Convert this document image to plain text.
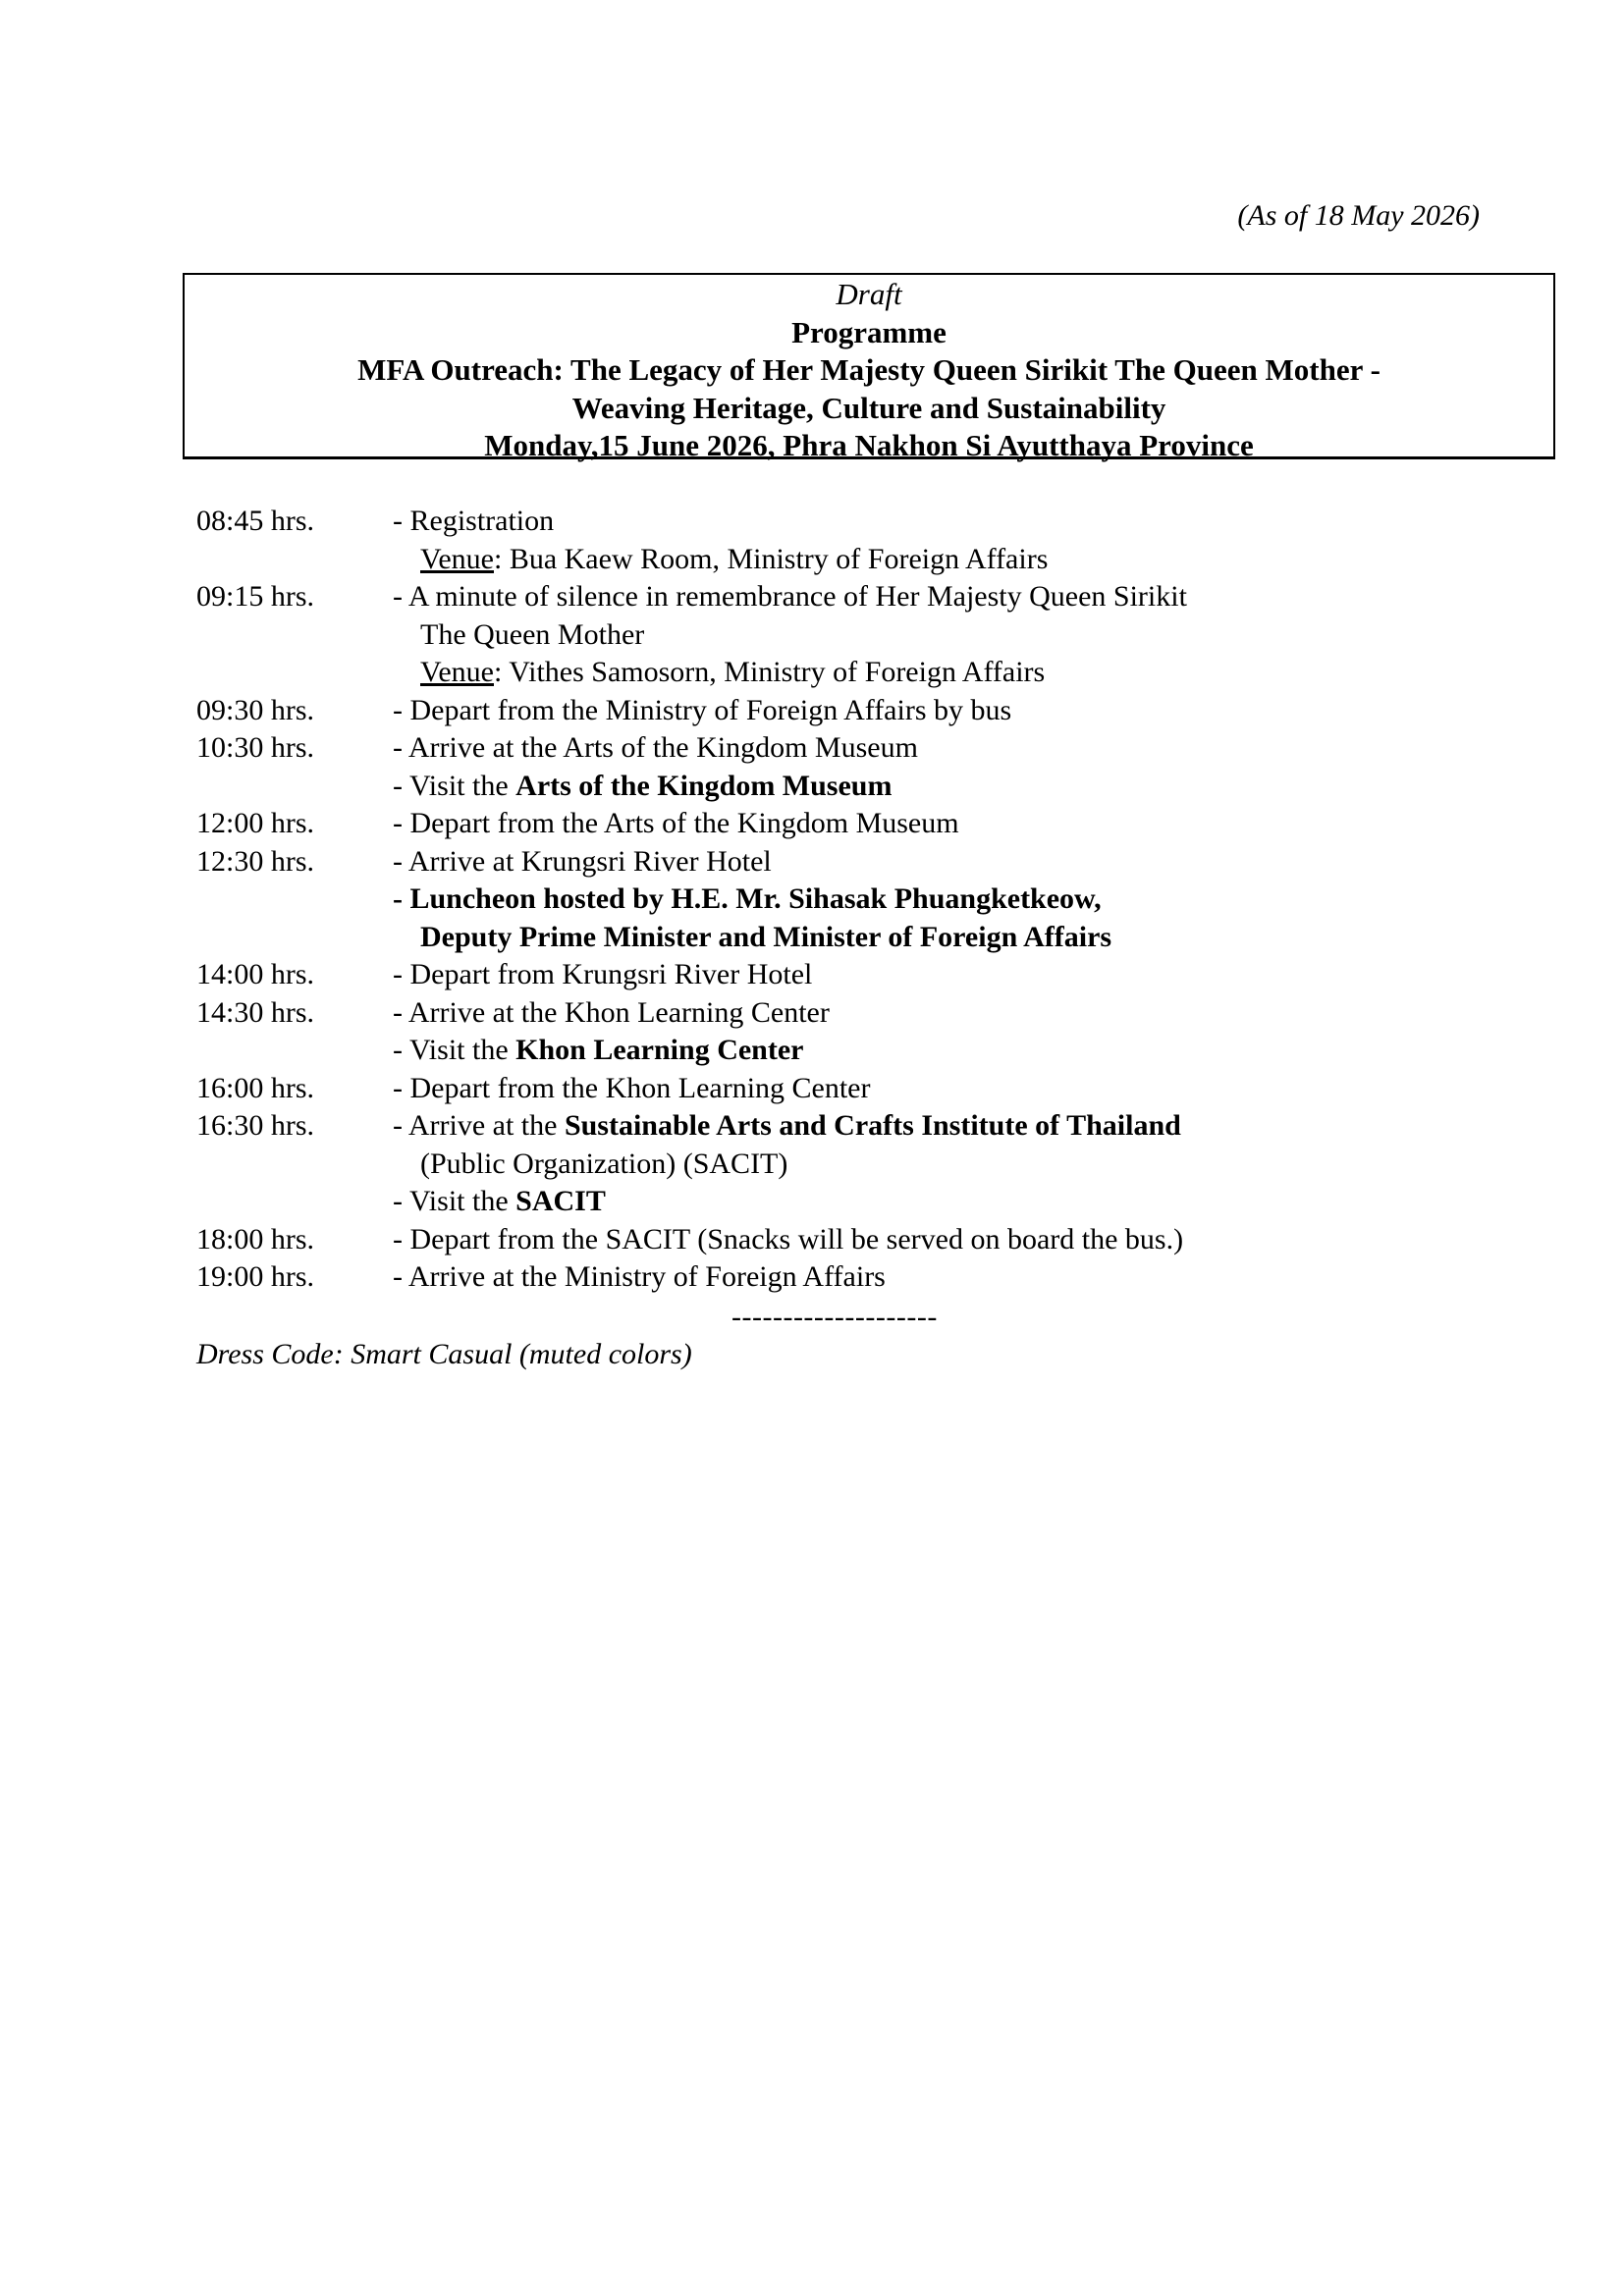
(As of 18 May 2026)
Draft
Programme
MFA Outreach: The Legacy of Her Majesty Queen Sirikit The Queen Mother -
Weaving Heritage, Culture and Sustainability
Monday,15 June 2026, Phra Nakhon Si Ayutthaya Province
08:45 hrs.	- Registration
Venue: Bua Kaew Room, Ministry of Foreign Affairs
09:15 hrs.	- A minute of silence in remembrance of Her Majesty Queen Sirikit
The Queen Mother
Venue: Vithes Samosorn, Ministry of Foreign Affairs
09:30 hrs.	- Depart from the Ministry of Foreign Affairs by bus
10:30 hrs.	- Arrive at the Arts of the Kingdom Museum
- Visit the Arts of the Kingdom Museum
12:00 hrs.	- Depart from the Arts of the Kingdom Museum
12:30 hrs.	- Arrive at Krungsri River Hotel
- Luncheon hosted by H.E. Mr. Sihasak Phuangketkeow,
Deputy Prime Minister and Minister of Foreign Affairs
14:00 hrs.	- Depart from Krungsri River Hotel
14:30 hrs.	- Arrive at the Khon Learning Center
- Visit the Khon Learning Center
16:00 hrs.	- Depart from the Khon Learning Center
16:30 hrs.	- Arrive at the Sustainable Arts and Crafts Institute of Thailand
(Public Organization) (SACIT)
- Visit the SACIT
18:00 hrs.	- Depart from the SACIT (Snacks will be served on board the bus.)
19:00 hrs.	- Arrive at the Ministry of Foreign Affairs
--------------------
Dress Code: Smart Casual (muted colors)
